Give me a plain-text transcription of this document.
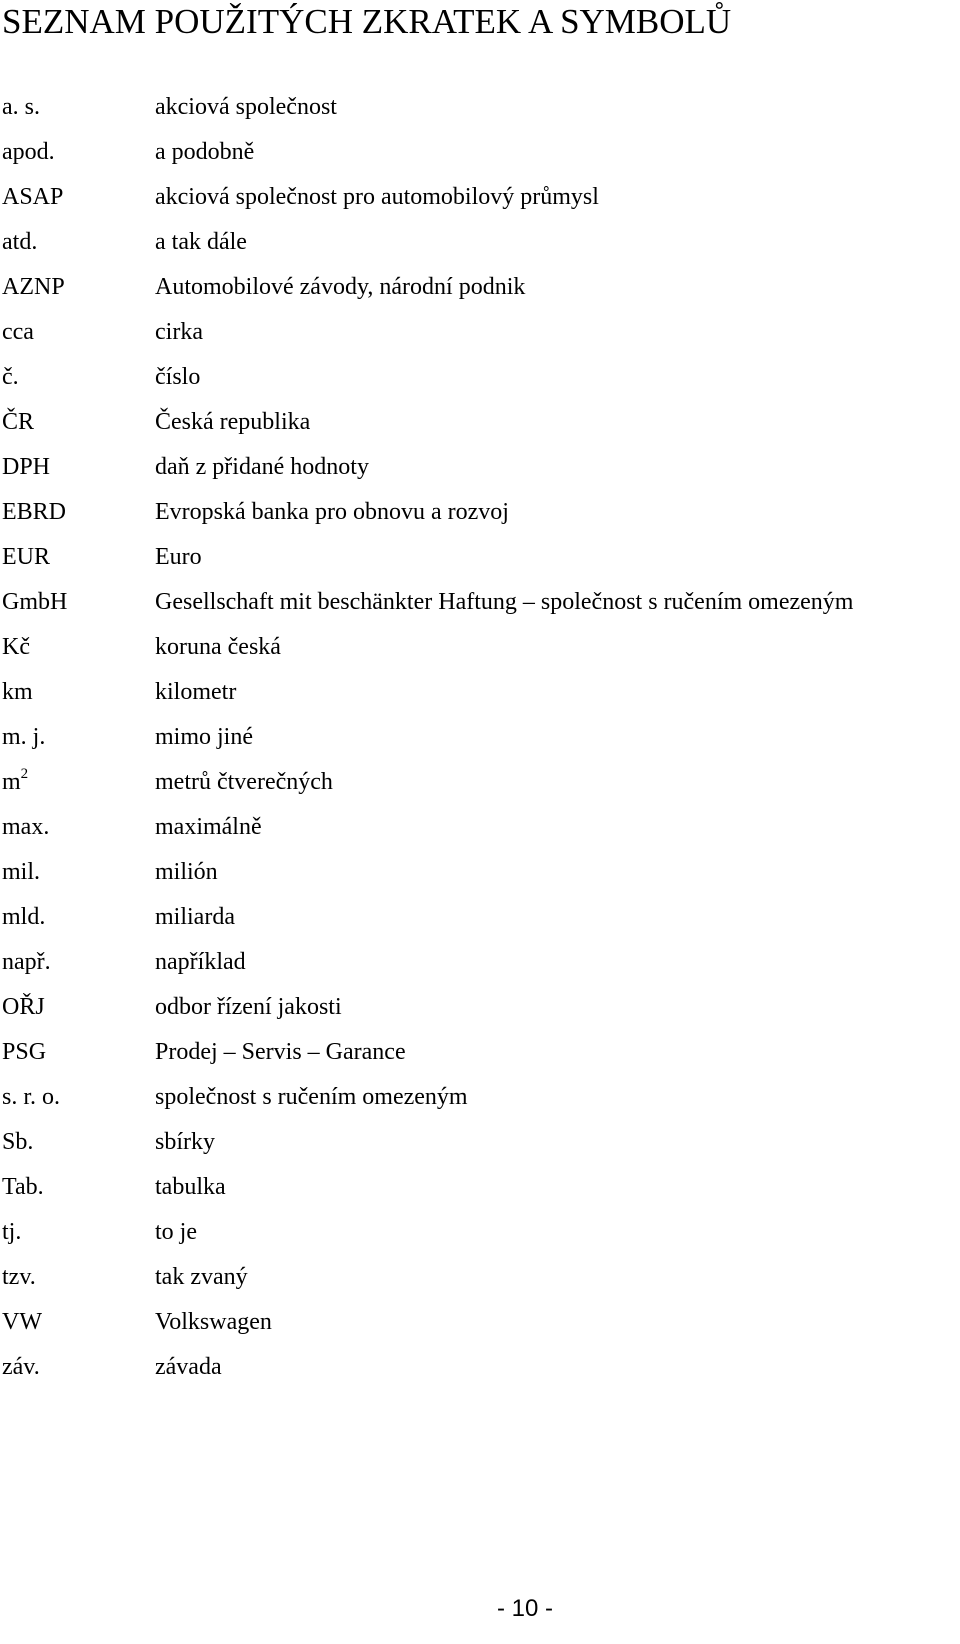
SEZNAM POUŽITÝCH ZKRATEK A SYMBOLŮ
a. s.	akciová společnost
apod.	a podobně
ASAP	akciová společnost pro automobilový průmysl
atd.	a tak dále
AZNP	Automobilové závody, národní podnik
cca	cirka
č.	číslo
ČR	Česká republika
DPH	daň z přidané hodnoty
EBRD	Evropská banka pro obnovu a rozvoj
EUR	Euro
GmbH	Gesellschaft mit beschänkter Haftung – společnost s ručením omezeným
Kč	koruna česká
km	kilometr
m. j.	mimo jiné
$m^2$	metrů čtverečných
max.	maximálně
mil.	milión
mld.	miliarda
např.	například
OŘJ	odbor řízení jakosti
PSG	Prodej – Servis – Garance
s. r. o.	společnost s ručením omezeným
Sb.	sbírky
Tab.	tabulka
tj.	to je
tzv.	tak zvaný
VW	Volkswagen
záv.	závada
- 10 -
